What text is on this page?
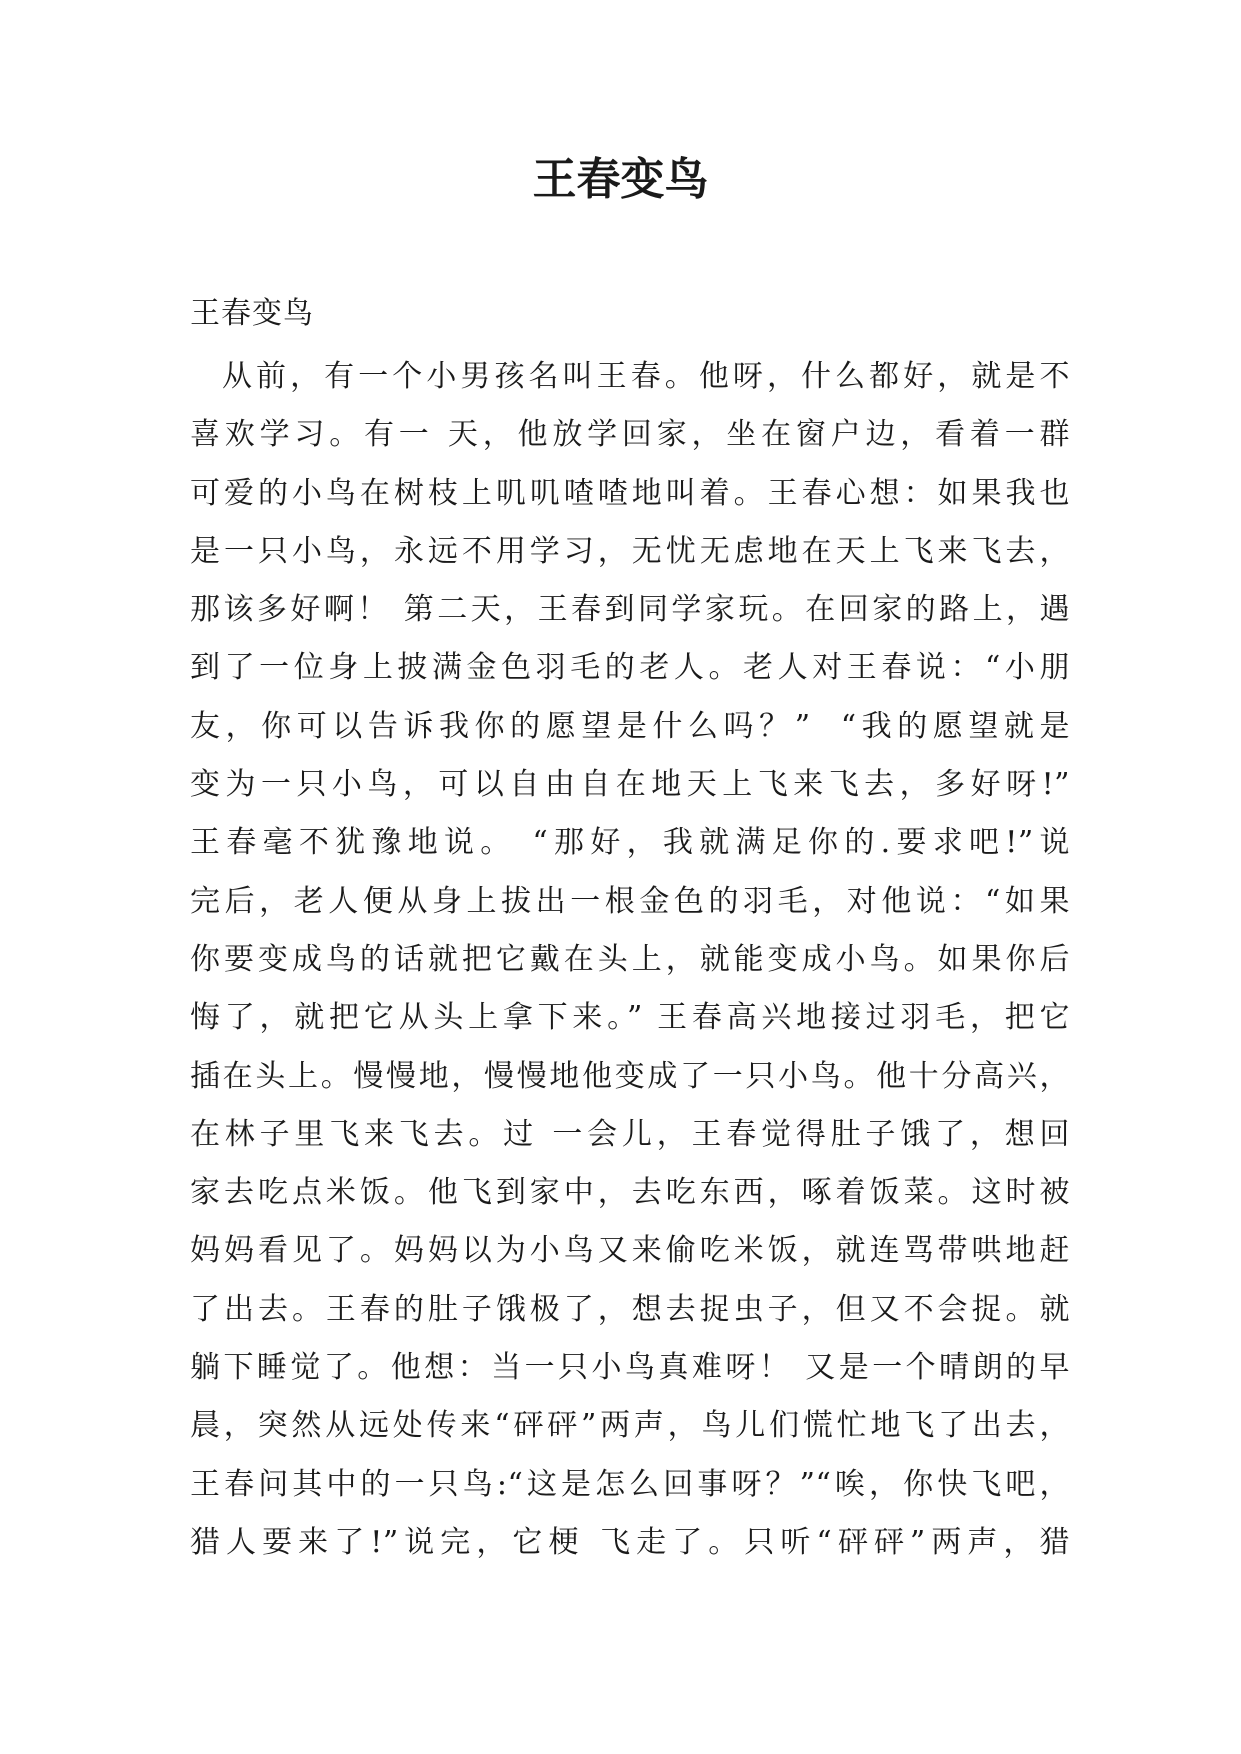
王春变鸟

王春变鸟

从前，有一个小男孩名叫王春。他呀，什么都好，就是不
喜欢学习。有一 天，他放学回家，坐在窗户边，看着一群
可爱的小鸟在树枝上叽叽喳喳地叫着。王春心想：如果我也
是一只小鸟，永远不用学习，无忧无虑地在天上飞来飞去，
那该多好啊！ 第二天，王春到同学家玩。在回家的路上，遇
到了一位身上披满金色羽毛的老人。老人对王春说：“小朋
友，你可以告诉我你的愿望是什么吗？”  “我的愿望就是
变为一只小鸟，可以自由自在地天上飞来飞去，多好呀!”
王春毫不犹豫地说。 “那好，我就满足你的.要求吧!”说
完后，老人便从身上拔出一根金色的羽毛，对他说：“如果
你要变成鸟的话就把它戴在头上，就能变成小鸟。如果你后
悔了，就把它从头上拿下来。” 王春高兴地接过羽毛，把它
插在头上。慢慢地，慢慢地他变成了一只小鸟。他十分高兴，
在林子里飞来飞去。过 一会儿，王春觉得肚子饿了，想回
家去吃点米饭。他飞到家中，去吃东西，啄着饭菜。这时被
妈妈看见了。妈妈以为小鸟又来偷吃米饭，就连骂带哄地赶
了出去。王春的肚子饿极了，想去捉虫子，但又不会捉。就
躺下睡觉了。他想：当一只小鸟真难呀！ 又是一个晴朗的早
晨，突然从远处传来“砰砰”两声，鸟儿们慌忙地飞了出去，
王春问其中的一只鸟:“这是怎么回事呀？”“唉，你快飞吧，
猎人要来了!”说完，它梗 飞走了。只听“砰砰”两声，猎
